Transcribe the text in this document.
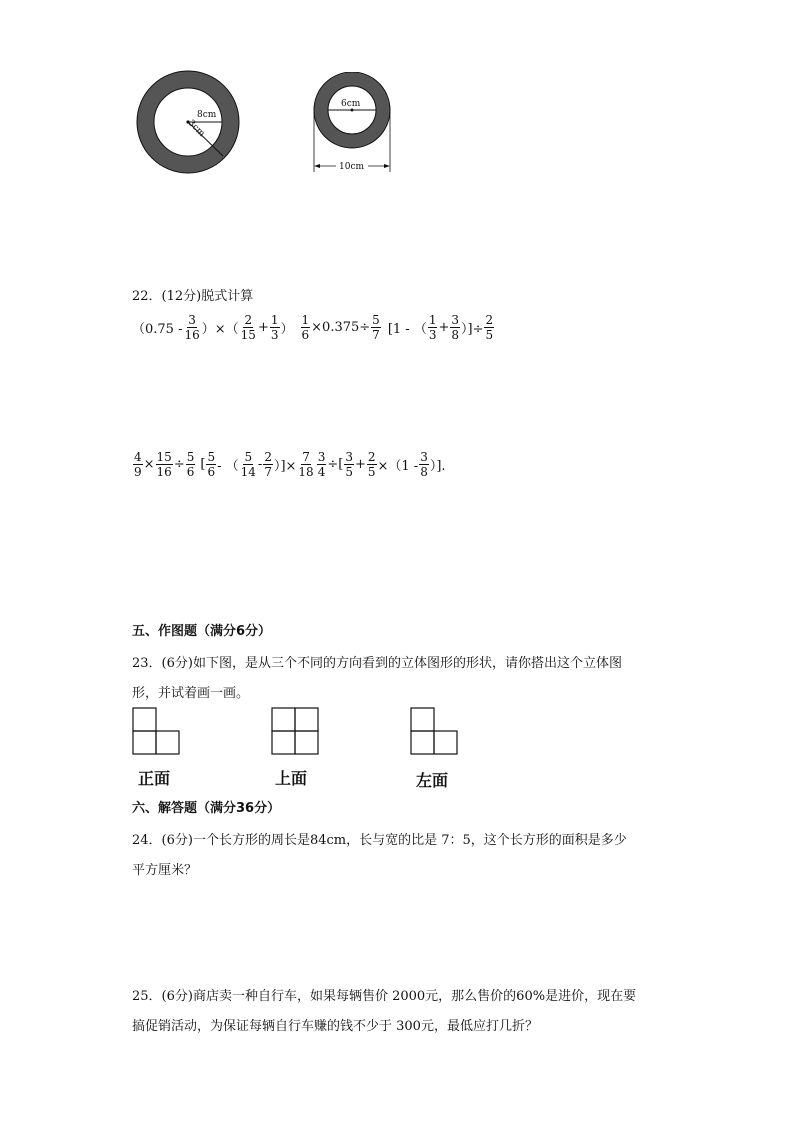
8cm
3cm
6cm
10cm
22．(12分)脱式计算
（$0.75 - \frac{3}{16}$ ）×（ $\frac{2}{15} + \frac{1}{3}$ ） $\frac{1}{6} \times 0.375\div \frac{5}{7} [1$ - （ $\frac{1}{3} + \frac{3}{8}$ ）]÷ $\frac{2}{5}$
$\frac{4}{9} \times \frac{15}{16} \div \frac{5}{6}$ [ $\frac{5}{6}$ - （ $\frac{5}{14} - \frac{2}{7}$ ）]× $\frac{7}{18} \frac{3}{4}$ ÷[ $\frac{3}{5} + \frac{2}{5} \times(1 - \frac{3}{8}$ ）].
五、作图题（满分6分）
23．(6分)如下图，是从三个不同的方向看到的立体图形的形状，请你搭出这个立体图
形，并试着画一画。
正面	上面	左面
六、解答题（满分36分）
24．(6分)一个长方形的周长是84cm，长与宽的比是 7：5，这个长方形的面积是多少
平方厘米？
25．(6分)商店卖一种自行车，如果每辆售价 2000元，那么售价的60%是进价，现在要
搞促销活动，为保证每辆自行车赚的钱不少于 300元，最低应打几折？
